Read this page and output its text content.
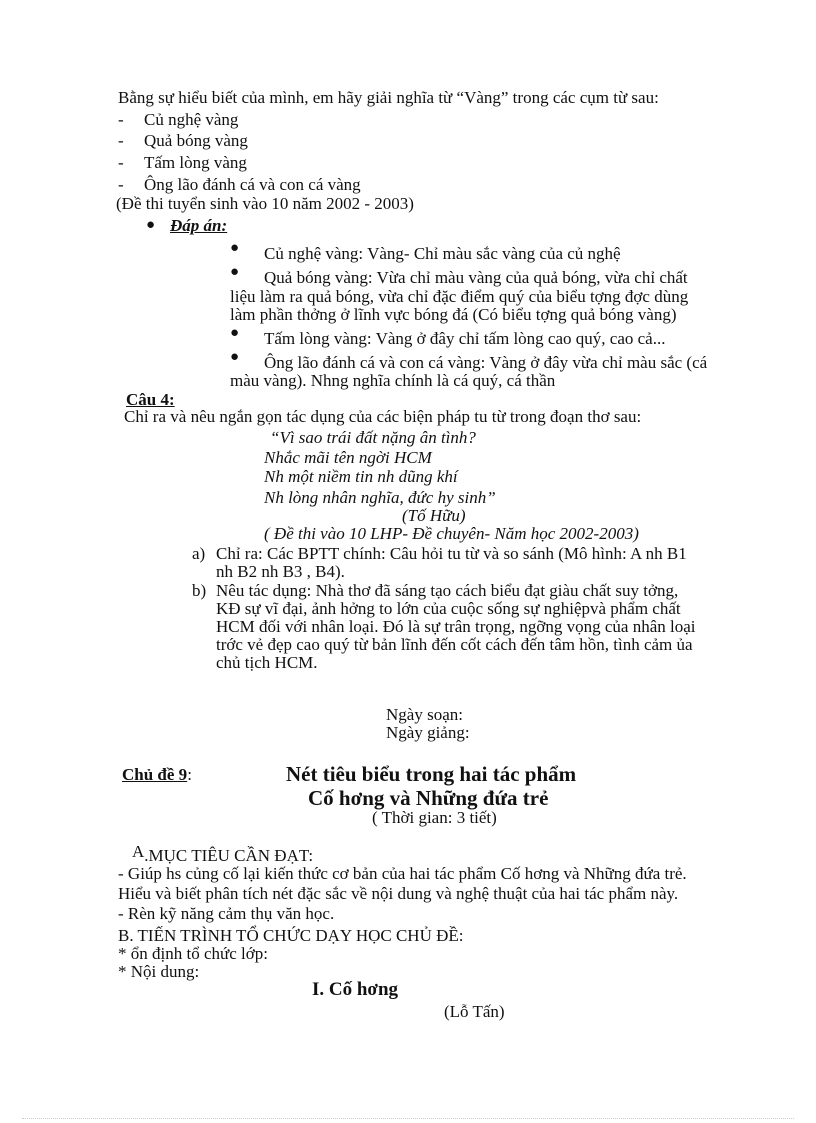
Bằng sự hiểu biết của mình, em hãy giải nghĩa từ “Vàng” trong các cụm từ sau:
- Củ nghệ vàng
- Quả bóng vàng
- Tấm lòng vàng
- Ông lão đánh cá và con cá vàng
(Đề thi tuyển sinh vào 10 năm 2002 - 2003)
● Đáp án:
● Củ nghệ vàng: Vàng- Chỉ màu sắc vàng của củ nghệ
● Quả bóng vàng: Vừa chỉ màu vàng của quả bóng, vừa chỉ chất
liệu làm ra quả bóng, vừa chỉ đặc điểm quý của biểu tợng đợc dùng
làm phần thởng ở lĩnh vực bóng đá (Có biểu tợng quả bóng vàng)
● Tấm lòng vàng: Vàng ở đây chỉ tấm lòng cao quý, cao cả...
● Ông lão đánh cá và con cá vàng: Vàng ở đây vừa chỉ màu sắc (cá
màu vàng). Nhng nghĩa chính là cá quý, cá thần
Câu 4:
Chỉ ra và nêu ngắn gọn tác dụng của các biện pháp tu từ trong đoạn thơ sau:
“Vì sao trái đất nặng ân tình?
Nhắc mãi tên ngời HCM
Nh một niềm tin nh dũng khí
Nh lòng nhân nghĩa, đức hy sinh”
(Tố Hữu)
( Đề thi vào 10 LHP- Đề chuyên- Năm học 2002-2003)
a) Chỉ ra: Các BPTT chính: Câu hỏi tu từ và so sánh (Mô hình: A nh B1
nh B2 nh B3 , B4).
b) Nêu tác dụng: Nhà thơ đã sáng tạo cách biểu đạt giàu chất suy tởng,
KĐ sự vĩ đại, ảnh hởng to lớn của cuộc sống sự nghiệpvà phẩm chất
HCM đối với nhân loại. Đó là sự trân trọng, ngỡng vọng của nhân loại
trớc vẻ đẹp cao quý từ bản lĩnh đến cốt cách đến tâm hồn, tình cảm ủa
chủ tịch HCM.
Ngày soạn:
Ngày giảng:
Chủ đề 9:	Nét tiêu biểu trong hai tác phẩm
Cố hơng và Những đứa trẻ
( Thời gian: 3 tiết)
A.MỤC TIÊU CẦN ĐẠT:
- Giúp hs củng cố lại kiến thức cơ bản của hai tác phẩm Cố hơng và Những đứa trẻ.
Hiểu và biết phân tích nét đặc sắc về nội dung và nghệ thuật của hai tác phẩm này.
- Rèn kỹ năng cảm thụ văn học.
B. TIẾN TRÌNH TỔ CHỨC DẠY HỌC CHỦ ĐỀ:
* ổn định tổ chức lớp:
* Nội dung:
I. Cố hơng
(Lỗ Tấn)
